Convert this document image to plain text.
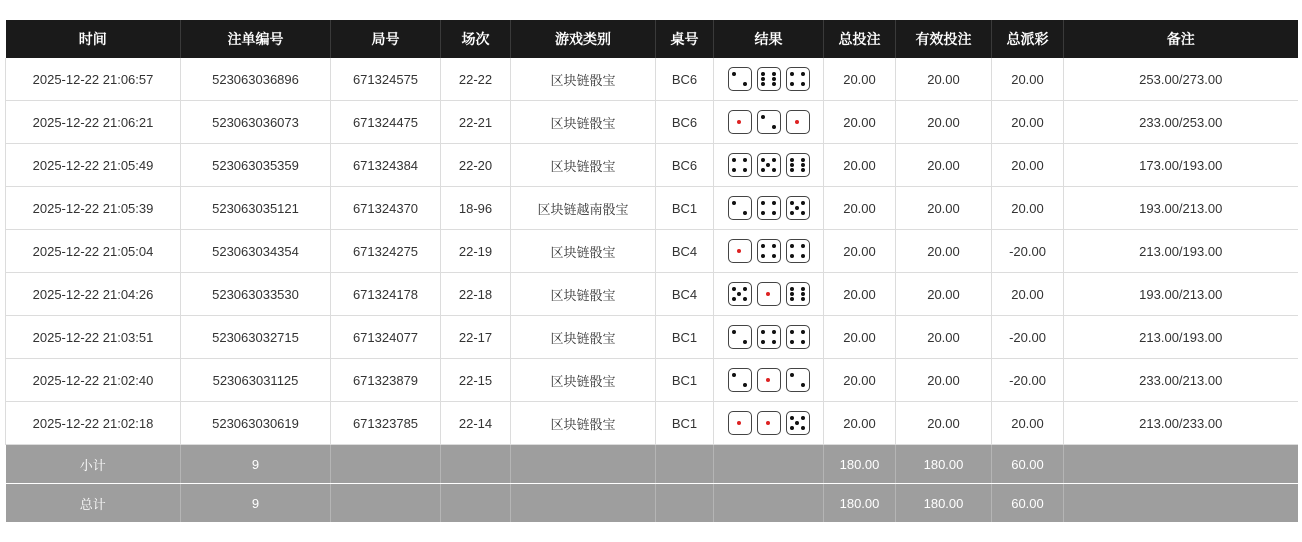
时间	注单编号	局号	场次	游戏类别	桌号	结果	总投注	有效投注	总派彩	备注
2025-12-22 21:06:57	523063036896	671324575	22-22	区块链骰宝	BC6		20.00	20.00	20.00	253.00/273.00
2025-12-22 21:06:21	523063036073	671324475	22-21	区块链骰宝	BC6		20.00	20.00	20.00	233.00/253.00
2025-12-22 21:05:49	523063035359	671324384	22-20	区块链骰宝	BC6		20.00	20.00	20.00	173.00/193.00
2025-12-22 21:05:39	523063035121	671324370	18-96	区块链越南骰宝	BC1		20.00	20.00	20.00	193.00/213.00
2025-12-22 21:05:04	523063034354	671324275	22-19	区块链骰宝	BC4		20.00	20.00	-20.00	213.00/193.00
2025-12-22 21:04:26	523063033530	671324178	22-18	区块链骰宝	BC4		20.00	20.00	20.00	193.00/213.00
2025-12-22 21:03:51	523063032715	671324077	22-17	区块链骰宝	BC1		20.00	20.00	-20.00	213.00/193.00
2025-12-22 21:02:40	523063031125	671323879	22-15	区块链骰宝	BC1		20.00	20.00	-20.00	233.00/213.00
2025-12-22 21:02:18	523063030619	671323785	22-14	区块链骰宝	BC1		20.00	20.00	20.00	213.00/233.00
小计	9						180.00	180.00	60.00	
总计	9						180.00	180.00	60.00	
